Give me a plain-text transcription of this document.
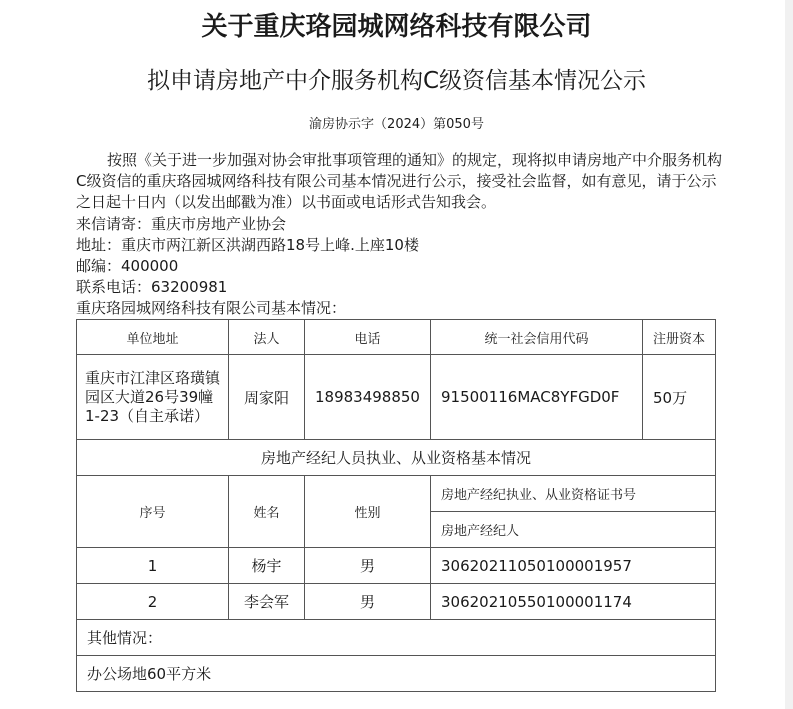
关于重庆珞园城网络科技有限公司
拟申请房地产中介服务机构C级资信基本情况公示
渝房协示字（2024）第050号
按照《关于进一步加强对协会审批事项管理的通知》的规定，现将拟申请房地产中介服务机构C级资信的重庆珞园城网络科技有限公司基本情况进行公示，接受社会监督，如有意见，请于公示之日起十日内（以发出邮戳为准）以书面或电话形式告知我会。
来信请寄：重庆市房地产业协会
地址：重庆市两江新区洪湖西路18号上峰.上座10楼
邮编：400000
联系电话：63200981
重庆珞园城网络科技有限公司基本情况：
单位地址	法人	电话	统一社会信用代码	注册资本
重庆市江津区珞璜镇园区大道26号39幢1-23（自主承诺）	周家阳	18983498850	91500116MAC8YFGD0F	50万
房地产经纪人员执业、从业资格基本情况				
序号	姓名	性别	房地产经纪执业、从业资格证书号	
			房地产经纪人	
1	杨宇	男	30620211050100001957	
2	李会军	男	30620210550100001174	
其他情况：				
办公场地60平方米				
